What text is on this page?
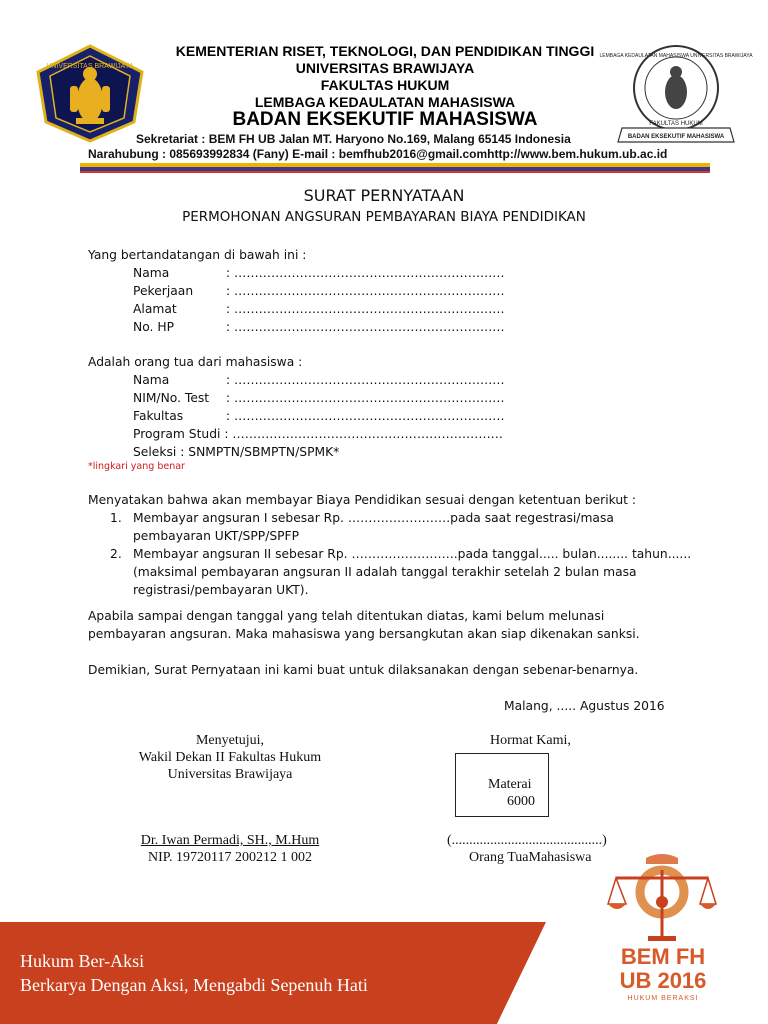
UNIVERSITAS BRAWIJAYA
LEMBAGA KEDAULATAN MAHASISWA UNIVERSITAS BRAWIJAYA
FAKULTAS HUKUM
BADAN EKSEKUTIF MAHASISWA
KEMENTERIAN RISET, TEKNOLOGI, DAN PENDIDIKAN TINGGI
UNIVERSITAS BRAWIJAYA
FAKULTAS HUKUM
LEMBAGA KEDAULATAN MAHASISWA
BADAN EKSEKUTIF MAHASISWA
Sekretariat : BEM FH UB Jalan MT. Haryono No.169, Malang 65145 Indonesia
Narahubung : 085693992834 (Fany) E-mail : bemfhub2016@gmail.comhttp://www.bem.hukum.ub.ac.id
SURAT PERNYATAAN
PERMOHONAN ANGSURAN PEMBAYARAN BIAYA PENDIDIKAN
Yang bertandatangan di bawah ini :
Nama	: …………………………………………………………
Pekerjaan	: …………………………………………………………
Alamat	: …………………………………………………………
No. HP	: …………………………………………………………
Adalah orang tua dari mahasiswa :
Nama	: …………………………………………………………
NIM/No. Test : …………………………………………………………
Fakultas	: …………………………………………………………
Program Studi : …………………………………………………………
Seleksi : SNMPTN/SBMPTN/SPMK*
*lingkari yang benar
Menyatakan bahwa akan membayar Biaya Pendidikan sesuai dengan ketentuan berikut :
1. Membayar angsuran I sebesar Rp. …………………….pada saat regestrasi/masa
pembayaran UKT/SPP/SPFP
2. Membayar angsuran II sebesar Rp. ……………………..pada tanggal..... bulan........ tahun......
(maksimal pembayaran angsuran II adalah tanggal terakhir setelah 2 bulan masa
registrasi/pembayaran UKT).
Apabila sampai dengan tanggal yang telah ditentukan diatas, kami belum melunasi
pembayaran angsuran. Maka mahasiswa yang bersangkutan akan siap dikenakan sanksi.
Demikian, Surat Pernyataan ini kami buat untuk dilaksanakan dengan sebenar-benarnya.
Malang, ..... Agustus 2016
Menyetujui,
Wakil Dekan II Fakultas Hukum
Universitas Brawijaya
Dr. Iwan Permadi, SH., M.Hum
NIP. 19720117 200212 1 002
Hormat Kami,
Materai
6000
(...........................................)
Orang TuaMahasiswa
Hukum Ber-Aksi
Berkarya Dengan Aksi, Mengabdi Sepenuh Hati
BEM FH
UB 2016
HUKUM BERAKSI
